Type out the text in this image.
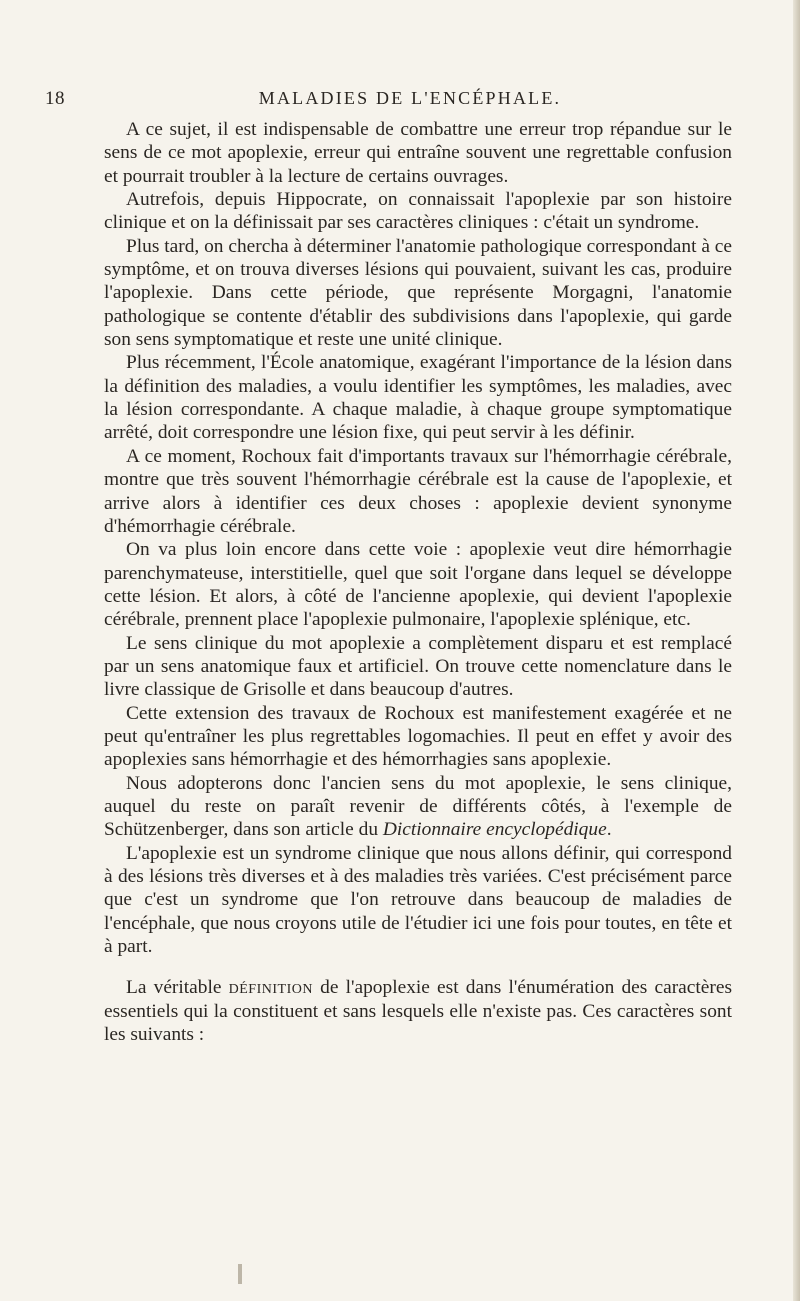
18	MALADIES DE L'ENCÉPHALE.

A ce sujet, il est indispensable de combattre une erreur trop répandue sur le sens de ce mot apoplexie, erreur qui entraîne souvent une regrettable confusion et pourrait troubler à la lecture de certains ouvrages.

Autrefois, depuis Hippocrate, on connaissait l'apoplexie par son histoire clinique et on la définissait par ses caractères cliniques : c'était un syndrome.

Plus tard, on chercha à déterminer l'anatomie pathologique correspondant à ce symptôme, et on trouva diverses lésions qui pouvaient, suivant les cas, produire l'apoplexie. Dans cette période, que représente Morgagni, l'anatomie pathologique se contente d'établir des subdivisions dans l'apoplexie, qui garde son sens symptomatique et reste une unité clinique.

Plus récemment, l'École anatomique, exagérant l'importance de la lésion dans la définition des maladies, a voulu identifier les symptômes, les maladies, avec la lésion correspondante. A chaque maladie, à chaque groupe symptomatique arrêté, doit correspondre une lésion fixe, qui peut servir à les définir.

A ce moment, Rochoux fait d'importants travaux sur l'hémorrhagie cérébrale, montre que très souvent l'hémorrhagie cérébrale est la cause de l'apoplexie, et arrive alors à identifier ces deux choses : apoplexie devient synonyme d'hémorrhagie cérébrale.

On va plus loin encore dans cette voie : apoplexie veut dire hémorrhagie parenchymateuse, interstitielle, quel que soit l'organe dans lequel se développe cette lésion. Et alors, à côté de l'ancienne apoplexie, qui devient l'apoplexie cérébrale, prennent place l'apoplexie pulmonaire, l'apoplexie splénique, etc.

Le sens clinique du mot apoplexie a complètement disparu et est remplacé par un sens anatomique faux et artificiel. On trouve cette nomenclature dans le livre classique de Grisolle et dans beaucoup d'autres.

Cette extension des travaux de Rochoux est manifestement exagérée et ne peut qu'entraîner les plus regrettables logomachies. Il peut en effet y avoir des apoplexies sans hémorrhagie et des hémorrhagies sans apoplexie.

Nous adopterons donc l'ancien sens du mot apoplexie, le sens clinique, auquel du reste on paraît revenir de différents côtés, à l'exemple de Schützenberger, dans son article du Dictionnaire encyclopédique.

L'apoplexie est un syndrome clinique que nous allons définir, qui correspond à des lésions très diverses et à des maladies très variées. C'est précisément parce que c'est un syndrome que l'on retrouve dans beaucoup de maladies de l'encéphale, que nous croyons utile de l'étudier ici une fois pour toutes, en tête et à part.

La véritable définition de l'apoplexie est dans l'énumération des caractères essentiels qui la constituent et sans lesquels elle n'existe pas. Ces caractères sont les suivants :
